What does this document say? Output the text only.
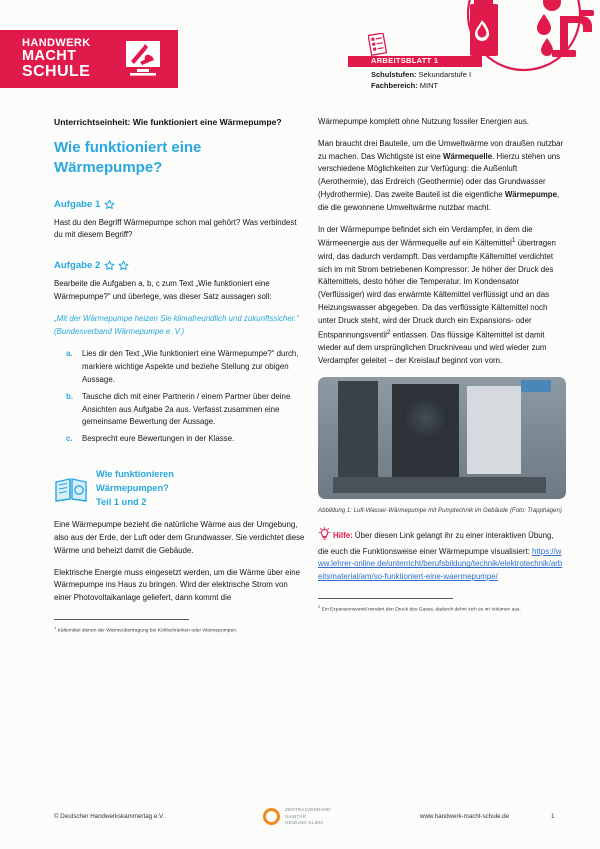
HANDWERK
MACHT
SCHULE
ARBEITSBLATT 1
Schulstufen: Sekundarstufe I
Fachbereich: MINT

Unterrichtseinheit: Wie funktioniert eine Wärmepumpe?

Wie funktioniert eine Wärmepumpe?
Aufgabe 1

Hast du den Begriff Wärmepumpe schon mal gehört? Was verbindest du mit diesem Begriff?

Aufgabe 2

Bearbeite die Aufgaben a, b, c zum Text „Wie funktioniert eine Wärmepumpe?“ und überlege, was dieser Satz aussagen soll:

„Mit der Wärmepumpe heizen Sie klimafreundlich und zukunftssicher.“ (Bundesverband Wärmepumpe e. V.)

a.	Lies dir den Text „Wie funktioniert eine Wärmepumpe?“ durch, markiere wichtige Aspekte und beziehe Stellung zur obigen Aussage.
b.	Tausche dich mit einer Partnerin / einem Partner über deine Ansichten aus Aufgabe 2a aus. Verfasst zusammen eine gemeinsame Bewertung der Aussage.
c.	Besprecht eure Bewertungen in der Klasse.
Wie funktionieren
Wärmepumpen?
Teil 1 und 2

Eine Wärmepumpe bezieht die natürliche Wärme aus der Umgebung, also aus der Erde, der Luft oder dem Grundwasser. Sie verdichtet diese Wärme und beheizt damit die Gebäude.

Elektrische Energie muss eingesetzt werden, um die Wärme über eine Wärmepumpe ins Haus zu bringen. Wird der elektrische Strom von einer Photovoltaikanlage geliefert, dann kommt die

$^1$ Kältemittel dienen der Wärmeübertragung bei Kühlschränken oder Wärmepumpen.

Wärmepumpe komplett ohne Nutzung fossiler Energien aus.

Man braucht drei Bauteile, um die Umweltwärme von draußen nutzbar zu machen. Das Wichtigste ist eine Wärmequelle. Hierzu stehen uns verschiedene Möglichkeiten zur Verfügung: die Außenluft (Aerothermie), das Erdreich (Geothermie) oder das Grundwasser (Hydrothermie). Das zweite Bauteil ist die eigentliche Wärmepumpe, die die gewonnene Umweltwärme nutzbar macht.

In der Wärmepumpe befindet sich ein Verdampfer, in dem die Wärmeenergie aus der Wärmequelle auf ein Kältemittel$^1$ übertragen wird, das dadurch verdampft. Das verdampfte Kältemittel verdichtet sich im mit Strom betriebenen Kompressor: Je höher der Druck des Kältemittels, desto höher die Temperatur. Im Kondensator (Verflüssiger) wird das erwärmte Kältemittel verflüssigt und an das Heizungswasser abgegeben. Da das verflüssigte Kältemittel noch unter Druck steht, wird der Druck durch ein Expansions- oder Entspannungsventil$^2$ entlassen. Das flüssige Kältemittel ist damit wieder auf dem ursprünglichen Druckniveau und wird wieder zum Verdampfer geleitet – der Kreislauf beginnt von vorn.

Abbildung 1: Luft-Wasser-Wärmepumpe mit Pumptechnik im Gebäude (Foto: Trapphagen)

Hilfe: Über diesen Link gelangt ihr zu einer interaktiven Übung, die euch die Funktionsweise einer Wärmepumpe visualisiert: https://www.lehrer-online.de/unterricht/berufsbildung/technik/elektrotechnik/arbeitsmaterial/am/so-funktioniert-eine-waermepumpe/

$^2$ Ein Expansionsventil mindert den Druck des Gases, dadurch dehnt sich es im Volumen aus.

© Deutscher Handwerkskammertag e.V.
ZENTRALVERBAND
SANITÄR
HEIZUNG KLIMA
www.handwerk-macht-schule.de	1
